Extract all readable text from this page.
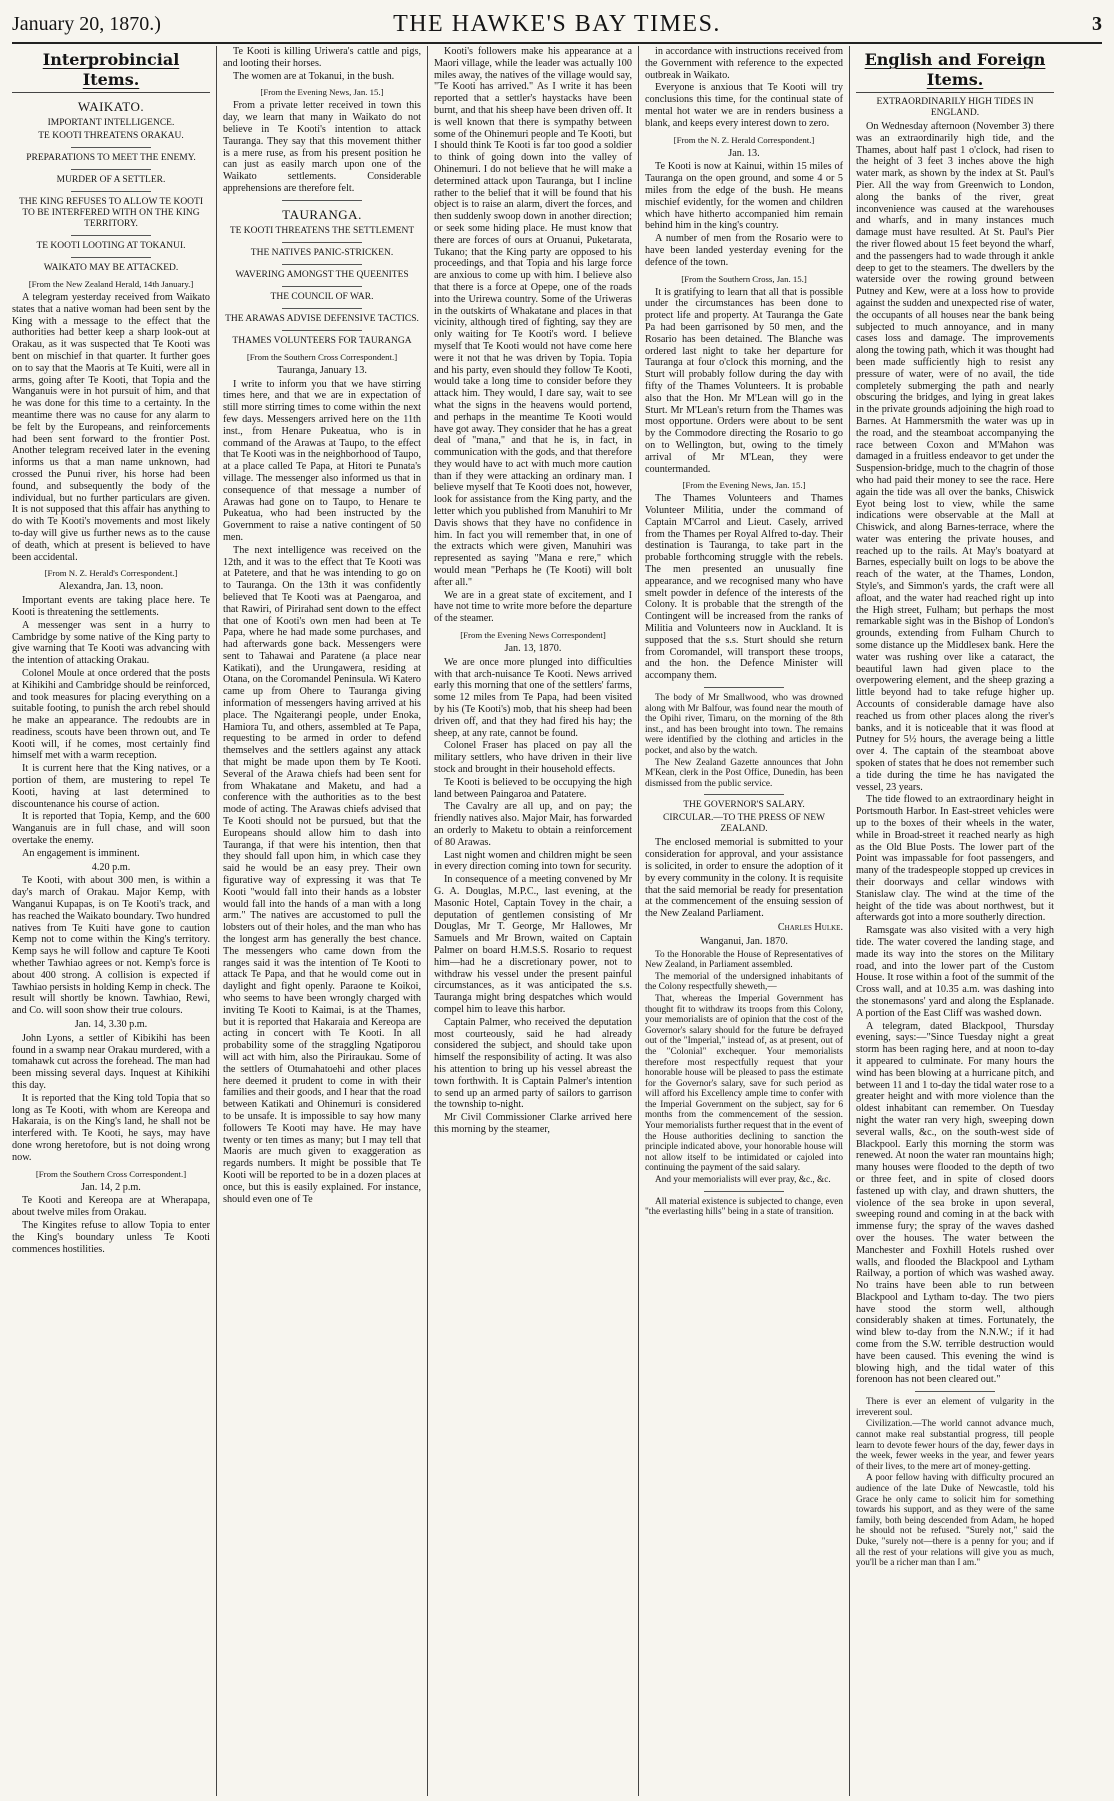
January 20, 1870.)	THE HAWKE'S BAY TIMES.	3
Interprobincial Items.
WAIKATO.
IMPORTANT INTELLIGENCE.
TE KOOTI THREATENS ORAKAU.
PREPARATIONS TO MEET THE ENEMY.
MURDER OF A SETTLER.
THE KING REFUSES TO ALLOW TE KOOTI TO BE INTERFERED WITH ON THE KING TERRITORY.
TE KOOTI LOOTING AT TOKANUI.
WAIKATO MAY BE ATTACKED.
[From the New Zealand Herald, 14th January.]

A telegram yesterday received from Waikato states that a native woman had been sent by the King with a message to the effect that the authorities had better keep a sharp look-out at Orakau, as it was suspected that Te Kooti was bent on mischief in that quarter. It further goes on to say that the Maoris at Te Kuiti, were all in arms, going after Te Kooti, that Topia and the Wanganuis were in hot pursuit of him, and that he was done for this time to a certainty. In the meantime there was no cause for any alarm to be felt by the Europeans, and reinforcements had been sent forward to the frontier Post. Another telegram received later in the evening informs us that a man name unknown, had crossed the Punui river, his horse had been found, and subsequently the body of the individual, but no further particulars are given. It is not supposed that this affair has anything to do with Te Kooti's movements and most likely to-day will give us further news as to the cause of death, which at present is believed to have been accidental.

[From N. Z. Herald's Correspondent.]
Alexandra, Jan. 13, noon.

Important events are taking place here. Te Kooti is threatening the settlements.

A messenger was sent in a hurry to Cambridge by some native of the King party to give warning that Te Kooti was advancing with the intention of attacking Orakau.

Colonel Moule at once ordered that the posts at Kihikihi and Cambridge should be reinforced, and took measures for placing everything on a suitable footing, to punish the arch rebel should he make an appearance. The redoubts are in readiness, scouts have been thrown out, and Te Kooti will, if he comes, most certainly find himself met with a warm reception.

It is current here that the King natives, or a portion of them, are mustering to repel Te Kooti, having at last determined to discountenance his course of action.

It is reported that Topia, Kemp, and the 600 Wanganuis are in full chase, and will soon overtake the enemy.

An engagement is imminent.

4.20 p.m.

Te Kooti, with about 300 men, is within a day's march of Orakau. Major Kemp, with Wanganui Kupapas, is on Te Kooti's track, and has reached the Waikato boundary. Two hundred natives from Te Kuiti have gone to caution Kemp not to come within the King's territory. Kemp says he will follow and capture Te Kooti whether Tawhiao agrees or not. Kemp's force is about 400 strong. A collision is expected if Tawhiao persists in holding Kemp in check. The result will shortly be known. Tawhiao, Rewi, and Co. will soon show their true colours.

Jan. 14, 3.30 p.m.

John Lyons, a settler of Kibikihi has been found in a swamp near Orakau murdered, with a tomahawk cut across the forehead. The man had been missing several days. Inquest at Kihikihi this day.

It is reported that the King told Topia that so long as Te Kooti, with whom are Kereopa and Hakaraia, is on the King's land, he shall not be interfered with. Te Kooti, he says, may have done wrong heretofore, but is not doing wrong now.

[From the Southern Cross Correspondent.]
Jan. 14, 2 p.m.

Te Kooti and Kereopa are at Wherapapa, about twelve miles from Orakau.

The Kingites refuse to allow Topia to enter the King's boundary unless Te Kooti commences hostilities.

Te Kooti is killing Uriwera's cattle and pigs, and looting their horses.

The women are at Tokanui, in the bush.

[From the Evening News, Jan. 15.]

From a private letter received in town this day, we learn that many in Waikato do not believe in Te Kooti's intention to attack Tauranga. They say that this movement thither is a mere ruse, as from his present position he can just as easily march upon one of the Waikato settlements. Considerable apprehensions are therefore felt.

TAURANGA.
TE KOOTI THREATENS THE SETTLEMENT
THE NATIVES PANIC-STRICKEN.
WAVERING AMONGST THE QUEENITES
THE COUNCIL OF WAR.
THE ARAWAS ADVISE DEFENSIVE TACTICS.
THAMES VOLUNTEERS FOR TAURANGA
[From the Southern Cross Correspondent.]
Tauranga, January 13.

I write to inform you that we have stirring times here, and that we are in expectation of still more stirring times to come within the next few days. Messengers arrived here on the 11th inst., from Henare Pukeatua, who is in command of the Arawas at Taupo, to the effect that Te Kooti was in the neighborhood of Taupo, at a place called Te Papa, at Hitori te Punata's village. The messenger also informed us that in consequence of that message a number of Arawas had gone on to Taupo, to Henare te Pukeatua, who had been instructed by the Government to raise a native contingent of 50 men.

The next intelligence was received on the 12th, and it was to the effect that Te Kooti was at Patetere, and that he was intending to go on to Tauranga. On the 13th it was confidently believed that Te Kooti was at Paengaroa, and that Rawiri, of Pirirahad sent down to the effect that one of Kooti's own men had been at Te Papa, where he had made some purchases, and had afterwards gone back. Messengers were sent to Tahawai and Paratene (a place near Katikati), and the Urungawera, residing at Otana, on the Coromandel Peninsula. Wi Katero came up from Ohere to Tauranga giving information of messengers having arrived at his place. The Ngaiterangi people, under Enoka, Hamiora Tu, and others, assembled at Te Papa, requesting to be armed in order to defend themselves and the settlers against any attack that might be made upon them by Te Kooti. Several of the Arawa chiefs had been sent for from Whakatane and Maketu, and had a conference with the authorities as to the best mode of acting. The Arawas chiefs advised that Te Kooti should not be pursued, but that the Europeans should allow him to dash into Tauranga, if that were his intention, then that they should fall upon him, in which case they said he would be an easy prey. Their own figurative way of expressing it was that Te Kooti "would fall into their hands as a lobster would fall into the hands of a man with a long arm." The natives are accustomed to pull the lobsters out of their holes, and the man who has the longest arm has generally the best chance. The messengers who came down from the ranges said it was the intention of Te Kooti to attack Te Papa, and that he would come out in daylight and fight openly. Paraone te Koikoi, who seems to have been wrongly charged with inviting Te Kooti to Kaimai, is at the Thames, but it is reported that Hakaraia and Kereopa are acting in concert with Te Kooti. In all probability some of the straggling Ngatiporou will act with him, also the Piriraukau. Some of the settlers of Otumahatoehi and other places here deemed it prudent to come in with their families and their goods, and I hear that the road between Katikati and Ohinemuri is considered to be unsafe. It is impossible to say how many followers Te Kooti may have. He may have twenty or ten times as many; but I may tell that Maoris are much given to exaggeration as regards numbers. It might be possible that Te Kooti will be reported to be in a dozen places at once, but this is easily explained. For instance, should even one of Te

Kooti's followers make his appearance at a Maori village, while the leader was actually 100 miles away, the natives of the village would say, "Te Kooti has arrived." As I write it has been reported that a settler's haystacks have been burnt, and that his sheep have been driven off. It is well known that there is sympathy between some of the Ohinemuri people and Te Kooti, but I should think Te Kooti is far too good a soldier to think of going down into the valley of Ohinemuri. I do not believe that he will make a determined attack upon Tauranga, but I incline rather to the belief that it will be found that his object is to raise an alarm, divert the forces, and then suddenly swoop down in another direction; or seek some hiding place. He must know that there are forces of ours at Oruanui, Puketarata, Tukano; that the King party are opposed to his proceedings, and that Topia and his large force are anxious to come up with him. I believe also that there is a force at Opepe, one of the roads into the Urirewa country. Some of the Uriweras in the outskirts of Whakatane and places in that vicinity, although tired of fighting, say they are only waiting for Te Kooti's word. I believe myself that Te Kooti would not have come here were it not that he was driven by Topia. Topia and his party, even should they follow Te Kooti, would take a long time to consider before they attack him. They would, I dare say, wait to see what the signs in the heavens would portend, and perhaps in the meantime Te Kooti would have got away. They consider that he has a great deal of "mana," and that he is, in fact, in communication with the gods, and that therefore they would have to act with much more caution than if they were attacking an ordinary man. I believe myself that Te Kooti does not, however, look for assistance from the King party, and the letter which you published from Manuhiri to Mr Davis shows that they have no confidence in him. In fact you will remember that, in one of the extracts which were given, Manuhiri was represented as saying "Mana e rere," which would mean "Perhaps he (Te Kooti) will bolt after all."

We are in a great state of excitement, and I have not time to write more before the departure of the steamer.

[From the Evening News Correspondent]
Jan. 13, 1870.

We are once more plunged into difficulties with that arch-nuisance Te Kooti. News arrived early this morning that one of the settlers' farms, some 12 miles from Te Papa, had been visited by his (Te Kooti's) mob, that his sheep had been driven off, and that they had fired his hay; the sheep, at any rate, cannot be found.

Colonel Fraser has placed on pay all the military settlers, who have driven in their live stock and brought in their household effects.

Te Kooti is believed to be occupying the high land between Paingaroa and Patatere.

The Cavalry are all up, and on pay; the friendly natives also. Major Mair, has forwarded an orderly to Maketu to obtain a reinforcement of 80 Arawas.

Last night women and children might be seen in every direction coming into town for security.

In consequence of a meeting convened by Mr G. A. Douglas, M.P.C., last evening, at the Masonic Hotel, Captain Tovey in the chair, a deputation of gentlemen consisting of Mr Douglas, Mr T. George, Mr Hallowes, Mr Samuels and Mr Brown, waited on Captain Palmer on board H.M.S.S. Rosario to request him—had he a discretionary power, not to withdraw his vessel under the present painful circumstances, as it was anticipated the s.s. Tauranga might bring despatches which would compel him to leave this harbor.

Captain Palmer, who received the deputation most courteously, said he had already considered the subject, and should take upon himself the responsibility of acting. It was also his attention to bring up his vessel abreast the town forthwith. It is Captain Palmer's intention to send up an armed party of sailors to garrison the township to-night.

Mr Civil Commissioner Clarke arrived here this morning by the steamer,

in accordance with instructions received from the Government with reference to the expected outbreak in Waikato.

Everyone is anxious that Te Kooti will try conclusions this time, for the continual state of mental hot water we are in renders business a blank, and keeps every interest down to zero.

[From the N. Z. Herald Correspondent.]
Jan. 13.

Te Kooti is now at Kainui, within 15 miles of Tauranga on the open ground, and some 4 or 5 miles from the edge of the bush. He means mischief evidently, for the women and children which have hitherto accompanied him remain behind him in the king's country.

A number of men from the Rosario were to have been landed yesterday evening for the defence of the town.

[From the Southern Cross, Jan. 15.]

It is gratifying to learn that all that is possible under the circumstances has been done to protect life and property. At Tauranga the Gate Pa had been garrisoned by 50 men, and the Rosario has been detained. The Blanche was ordered last night to take her departure for Tauranga at four o'clock this morning, and the Sturt will probably follow during the day with fifty of the Thames Volunteers. It is probable also that the Hon. Mr M'Lean will go in the Sturt. Mr M'Lean's return from the Thames was most opportune. Orders were about to be sent by the Commodore directing the Rosario to go on to Wellington, but, owing to the timely arrival of Mr M'Lean, they were countermanded.

[From the Evening News, Jan. 15.]

The Thames Volunteers and Thames Volunteer Militia, under the command of Captain M'Carrol and Lieut. Casely, arrived from the Thames per Royal Alfred to-day. Their destination is Tauranga, to take part in the probable forthcoming struggle with the rebels. The men presented an unusually fine appearance, and we recognised many who have smelt powder in defence of the interests of the Colony. It is probable that the strength of the Contingent will be increased from the ranks of Militia and Volunteers now in Auckland. It is supposed that the s.s. Sturt should she return from Coromandel, will transport these troops, and the hon. the Defence Minister will accompany them.

The body of Mr Smallwood, who was drowned along with Mr Balfour, was found near the mouth of the Opihi river, Timaru, on the morning of the 8th inst., and has been brought into town. The remains were identified by the clothing and articles in the pocket, and also by the watch.

The New Zealand Gazette announces that John M'Kean, clerk in the Post Office, Dunedin, has been dismissed from the public service.

THE GOVERNOR'S SALARY.
CIRCULAR.—TO THE PRESS OF NEW ZEALAND.

The enclosed memorial is submitted to your consideration for approval, and your assistance is solicited, in order to ensure the adoption of it by every community in the colony. It is requisite that the said memorial be ready for presentation at the commencement of the ensuing session of the New Zealand Parliament.

Charles Hulke.
Wanganui, Jan. 1870.

To the Honorable the House of Representatives of New Zealand, in Parliament assembled.

The memorial of the undersigned inhabitants of the Colony respectfully sheweth,—

That, whereas the Imperial Government has thought fit to withdraw its troops from this Colony, your memorialists are of opinion that the cost of the Governor's salary should for the future be defrayed out of the "Imperial," instead of, as at present, out of the "Colonial" exchequer. Your memorialists therefore most respectfully request that your honorable house will be pleased to pass the estimate for the Governor's salary, save for such period as will afford his Excellency ample time to confer with the Imperial Government on the subject, say for 6 months from the commencement of the session. Your memorialists further request that in the event of the House authorities declining to sanction the principle indicated above, your honorable house will not allow itself to be intimidated or cajoled into continuing the payment of the said salary.

And your memorialists will ever pray, &c., &c.

All material existence is subjected to change, even "the everlasting hills" being in a state of transition.

English and Foreign Items.
EXTRAORDINARILY HIGH TIDES IN ENGLAND.

On Wednesday afternoon (November 3) there was an extraordinarily high tide, and the Thames, about half past 1 o'clock, had risen to the height of 3 feet 3 inches above the high water mark, as shown by the index at St. Paul's Pier. All the way from Greenwich to London, along the banks of the river, great inconvenience was caused at the warehouses and wharfs, and in many instances much damage must have resulted. At St. Paul's Pier the river flowed about 15 feet beyond the wharf, and the passengers had to wade through it ankle deep to get to the steamers. The dwellers by the waterside over the rowing ground between Putney and Kew, were at a loss how to provide against the sudden and unexpected rise of water, the occupants of all houses near the bank being subjected to much annoyance, and in many cases loss and damage. The improvements along the towing path, which it was thought had been made sufficiently high to resist any pressure of water, were of no avail, the tide completely submerging the path and nearly obscuring the bridges, and lying in great lakes in the private grounds adjoining the high road to Barnes. At Hammersmith the water was up in the road, and the steamboat accompanying the race between Coxon and M'Mahon was damaged in a fruitless endeavor to get under the Suspension-bridge, much to the chagrin of those who had paid their money to see the race. Here again the tide was all over the banks, Chiswick Eyot being lost to view, while the same indications were observable at the Mall at Chiswick, and along Barnes-terrace, where the water was entering the private houses, and reached up to the rails. At May's boatyard at Barnes, especially built on logs to be above the reach of the water, at the Thames, London, Style's, and Simmon's yards, the craft were all afloat, and the water had reached right up into the High street, Fulham; but perhaps the most remarkable sight was in the Bishop of London's grounds, extending from Fulham Church to some distance up the Middlesex bank. Here the water was rushing over like a cataract, the beautiful lawn had given place to the overpowering element, and the sheep grazing a little beyond had to take refuge higher up. Accounts of considerable damage have also reached us from other places along the river's banks, and it is noticeable that it was flood at Putney for 5½ hours, the average being a little over 4. The captain of the steamboat above spoken of states that he does not remember such a tide during the time he has navigated the vessel, 23 years.

The tide flowed to an extraordinary height in Portsmouth Harbor. In East-street vehicles were up to the boxes of their wheels in the water, while in Broad-street it reached nearly as high as the Old Blue Posts. The lower part of the Point was impassable for foot passengers, and many of the tradespeople stopped up crevices in their doorways and cellar windows with Stanislaw clay. The wind at the time of the height of the tide was about northwest, but it afterwards got into a more southerly direction.

Ramsgate was also visited with a very high tide. The water covered the landing stage, and made its way into the stores on the Military road, and into the lower part of the Custom House. It rose within a foot of the summit of the Cross wall, and at 10.35 a.m. was dashing into the stonemasons' yard and along the Esplanade. A portion of the East Cliff was washed down.

A telegram, dated Blackpool, Thursday evening, says:—"Since Tuesday night a great storm has been raging here, and at noon to-day it appeared to culminate. For many hours the wind has been blowing at a hurricane pitch, and between 11 and 1 to-day the tidal water rose to a greater height and with more violence than the oldest inhabitant can remember. On Tuesday night the water ran very high, sweeping down several walls, &c., on the south-west side of Blackpool. Early this morning the storm was renewed. At noon the water ran mountains high; many houses were flooded to the depth of two or three feet, and in spite of closed doors fastened up with clay, and drawn shutters, the violence of the sea broke in upon several, sweeping round and coming in at the back with immense fury; the spray of the waves dashed over the houses. The water between the Manchester and Foxhill Hotels rushed over walls, and flooded the Blackpool and Lytham Railway, a portion of which was washed away. No trains have been able to run between Blackpool and Lytham to-day. The two piers have stood the storm well, although considerably shaken at times. Fortunately, the wind blew to-day from the N.N.W.; if it had come from the S.W. terrible destruction would have been caused. This evening the wind is blowing high, and the tidal water of this forenoon has not been cleared out."

There is ever an element of vulgarity in the irreverent soul.

Civilization.—The world cannot advance much, cannot make real substantial progress, till people learn to devote fewer hours of the day, fewer days in the week, fewer weeks in the year, and fewer years of their lives, to the mere art of money-getting.

A poor fellow having with difficulty procured an audience of the late Duke of Newcastle, told his Grace he only came to solicit him for something towards his support, and as they were of the same family, both being descended from Adam, he hoped he should not be refused. "Surely not," said the Duke, "surely not—there is a penny for you; and if all the rest of your relations will give you as much, you'll be a richer man than I am."
